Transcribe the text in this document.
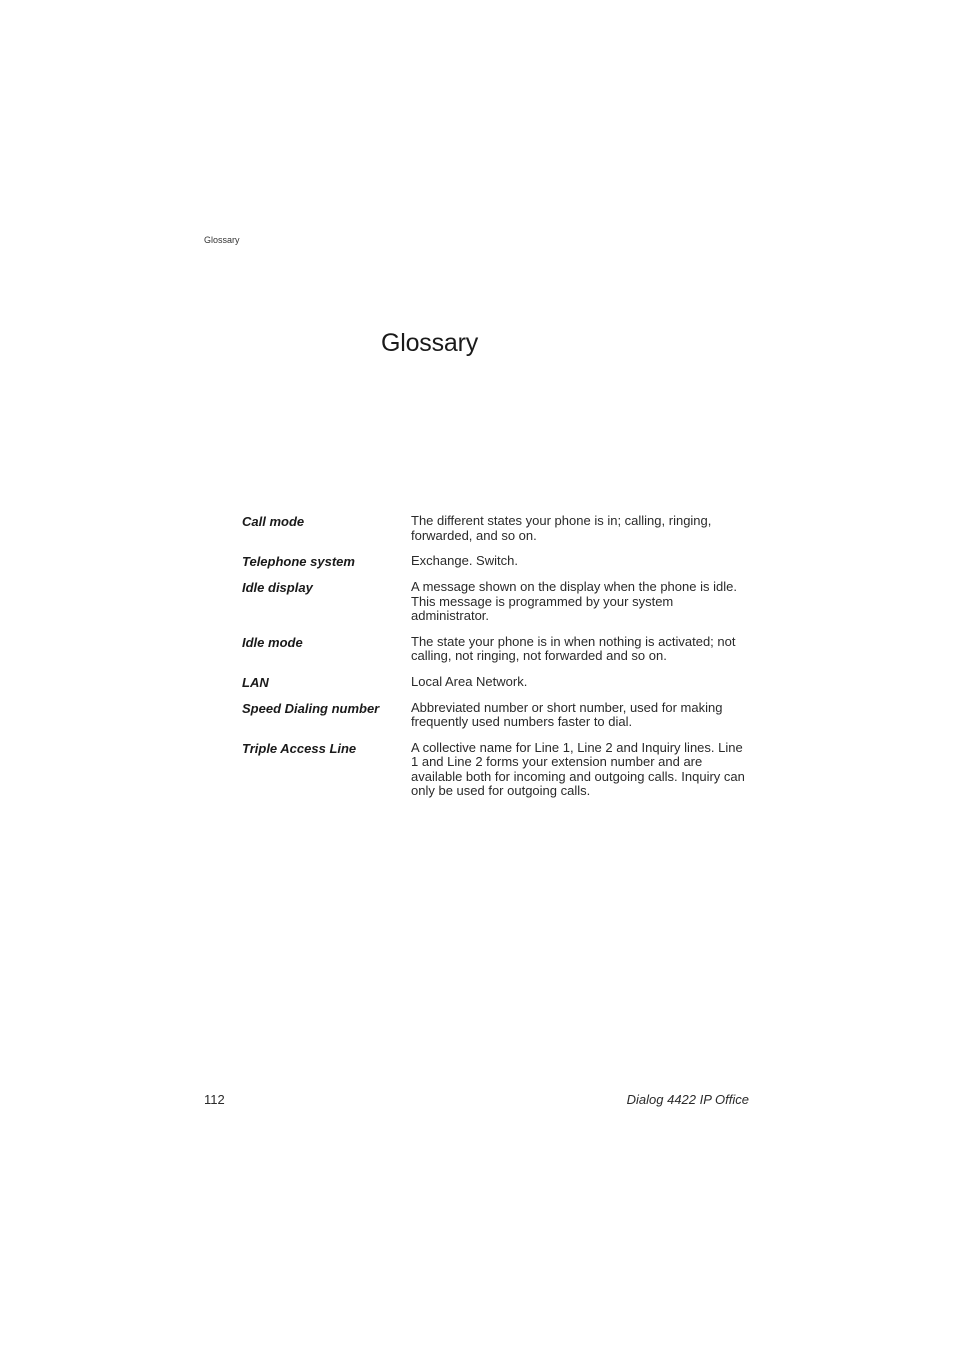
Glossary
Glossary
Call mode	The different states your phone is in; calling, ringing, forwarded, and so on.
Telephone system	Exchange. Switch.
Idle display	A message shown on the display when the phone is idle. This message is programmed by your system administrator.
Idle mode	The state your phone is in when nothing is activated; not calling, not ringing, not forwarded and so on.
LAN	Local Area Network.
Speed Dialing number	Abbreviated number or short number, used for making frequently used numbers faster to dial.
Triple Access Line	A collective name for Line 1, Line 2 and Inquiry lines. Line 1 and Line 2 forms your extension number and are available both for incoming and outgoing calls. Inquiry can only be used for outgoing calls.
112	Dialog 4422 IP Office
